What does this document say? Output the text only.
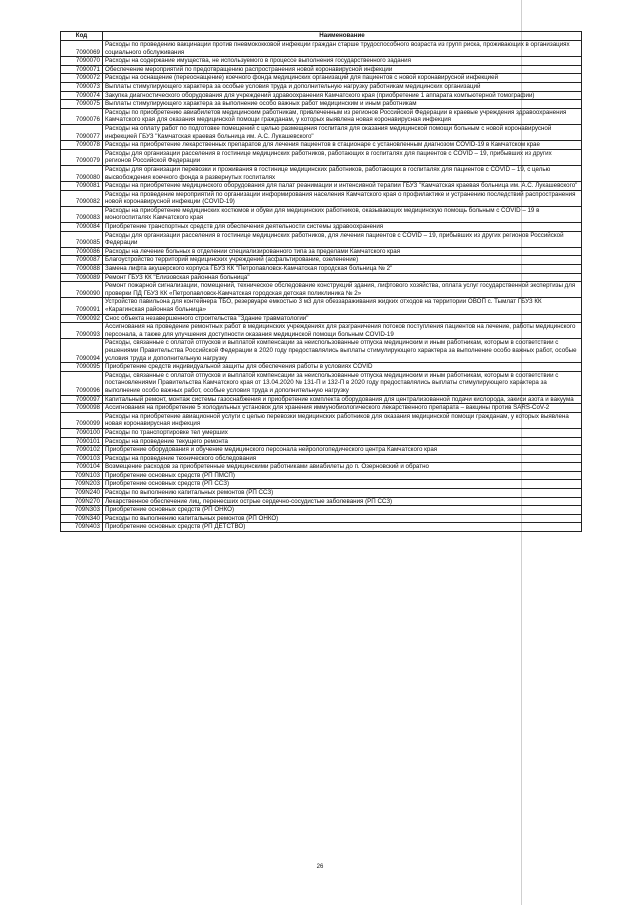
Код	Наименование
7090069	Расходы по проведению вакцинации против пневмококковой инфекции граждан старше трудоспособного возраста из групп риска, проживающих в организациях социального обслуживания
7090070	Расходы на содержание имущества, не используемого в процессе выполнения государственного задания
7090071	Обеспечение мероприятий по предотвращению распространения новой коронавирусной инфекции
7090072	Расходы на оснащение (переоснащение) коечного фонда медицинских организаций для пациентов с новой коронавирусной инфекцией
7090073	Выплаты стимулирующего характера за особые условия труда и дополнительную нагрузку работникам медицинских организаций
7090074	Закупка диагностического оборудования для учреждений здравоохранения Камчатского края (приобретение 1 аппарата компьютерной томографии)
7090075	Выплаты стимулирующего характера за выполнение особо важных работ медицинским и иным работникам
7090076	Расходы по приобретению авиабилетов медицинским работникам, привлеченным из регионов Российской Федерации в краевые учреждения здравоохранения Камчатского края для оказания медицинской помощи гражданам, у которых выявлена новая коронавирусная инфекция
7090077	Расходы на оплату работ по подготовке помещений с целью размещения госпиталя для оказания медицинской помощи больным с новой коронавирусной инфекцией ГБУЗ "Камчатская краевая больница им. А.С. Лукашевского"
7090078	Расходы на приобретение лекарственных препаратов для лечения пациентов в стационаре с установленным диагнозом COVID-19 в Камчатском крае
7090079	Расходы для организации расселения в гостинице медицинских работников, работающих в госпиталях для пациентов с COVID – 19, прибывших из других регионов Российской Федерации
7090080	Расходы для организации перевозки и проживания в гостинице медицинских работников, работающих в госпиталях для пациентов с COVID – 19, с целью высвобождения коечного фонда в развернутых госпиталях
7090081	Расходы на приобретение медицинского оборудования для палат реанимации и интенсивной терапии ГБУЗ "Камчатская краевая больница им. А.С. Лукашевского"
7090082	Расходы на проведение мероприятий по организации информирования населения Камчатского края о профилактике и устранению последствий распространения новой коронавирусной инфекции (COVID-19)
7090083	Расходы на приобретение медицинских костюмов и обуви для медицинских работников, оказывающих медицинскую помощь больным с COVID – 19 в моногоспиталях Камчатского края
7090084	Приобретение транспортных средств для обеспечения деятельности системы здравоохранения
7090085	Расходы для организации расселения в гостинице медицинских работников, для лечения пациентов с COVID – 19, прибывших из других регионов Российской Федерации
7090086	Расходы на лечение больных в отделении специализированного типа за пределами Камчатского края
7090087	Благоустройство территорий медицинских учреждений (асфальтирование, озеленение)
7090088	Замена лифта акушерского корпуса ГБУЗ КК "Петропавловск-Камчатская городская больница № 2"
7090089	Ремонт ГБУЗ КК "Елизовская районная больница"
7090090	Ремонт пожарной сигнализации, помещений, техническое обследование конструкций здания, лифтового хозяйства, оплата услуг государственной экспертизы для проверки ПД ГБУЗ КК «Петропавловск-Камчатская городская детская поликлиника № 2»
7090091	Устройство павильона для контейнера ТБО, резервуаре емкостью 3 м3 для обеззараживания жидких отходов на территории ОВОП с. Тымлат ГБУЗ КК «Карагинская районная больница»
7090092	Снос объекта незавершенного строительства "Здание травматологии"
7090093	Ассигнования на проведение ремонтных работ в медицинских учреждениях для разграничения потоков поступления пациентов на лечение, работы медицинского персонала, а также для улучшения доступности оказания медицинской помощи больным COVID-19
7090094	Расходы, связанные с оплатой отпусков и выплатой компенсации за неиспользованные отпуска медицинским и иным работникам, которым в соответствии с решениями Правительства Российской Федерации в 2020 году предоставлялись выплаты стимулирующего характера за выполнение особо важных работ, особые условия труда и дополнительную нагрузку
7090095	Приобретение средств индивидуальной защиты для обеспечения работы в условиях COVID
7090096	Расходы, связанные с оплатой отпусков и выплатой компенсации за неиспользованные отпуска медицинским и иным работникам, которым в соответствии с постановлениями Правительства Камчатского края от 13.04.2020 № 131-П и 132-П в 2020 году предоставлялись выплаты стимулирующего характера за выполнение особо важных работ, особые условия труда и дополнительную нагрузку
7090097	Капитальный ремонт, монтаж системы газоснабжения и приобретение комплекта оборудования для централизованной подачи кислорода, закиси азота и вакуума
7090098	Ассигнования на приобретение 5 холодильных установок для хранения иммунобиологического лекарственного препарата – вакцины против SARS-CoV-2
7090099	Расходы на приобретение авиационной услуги с целью перевозки медицинских работников для оказания медицинской помощи гражданам, у которых выявлена новая коронавирусная инфекция
7090100	Расходы по транспортировке тел умерших
7090101	Расходы на проведение текущего ремонта
7090102	Приобретение оборудования и обучение медицинского персонала нейрологопедического центра Камчатского края
7090103	Расходы на проведение технического обследования
7090104	Возмещение расходов за приобретенные медицинскими работниками авиабилеты до п. Озерновский и обратно
709N103	Приобретение основных средств (РП ПМСП)
709N203	Приобретение основных средств (РП ССЗ)
709N240	Расходы по выполнению капитальных ремонтов (РП ССЗ)
709N270	Лекарственное обеспечение лиц, перенесших острые сердечно-сосудистые заболевания (РП ССЗ)
709N303	Приобретение основных средств (РП ОНКО)
709N340	Расходы по выполнению капитальных ремонтов (РП ОНКО)
709N403	Приобретение основных средств (РП ДЕТСТВО)
26
